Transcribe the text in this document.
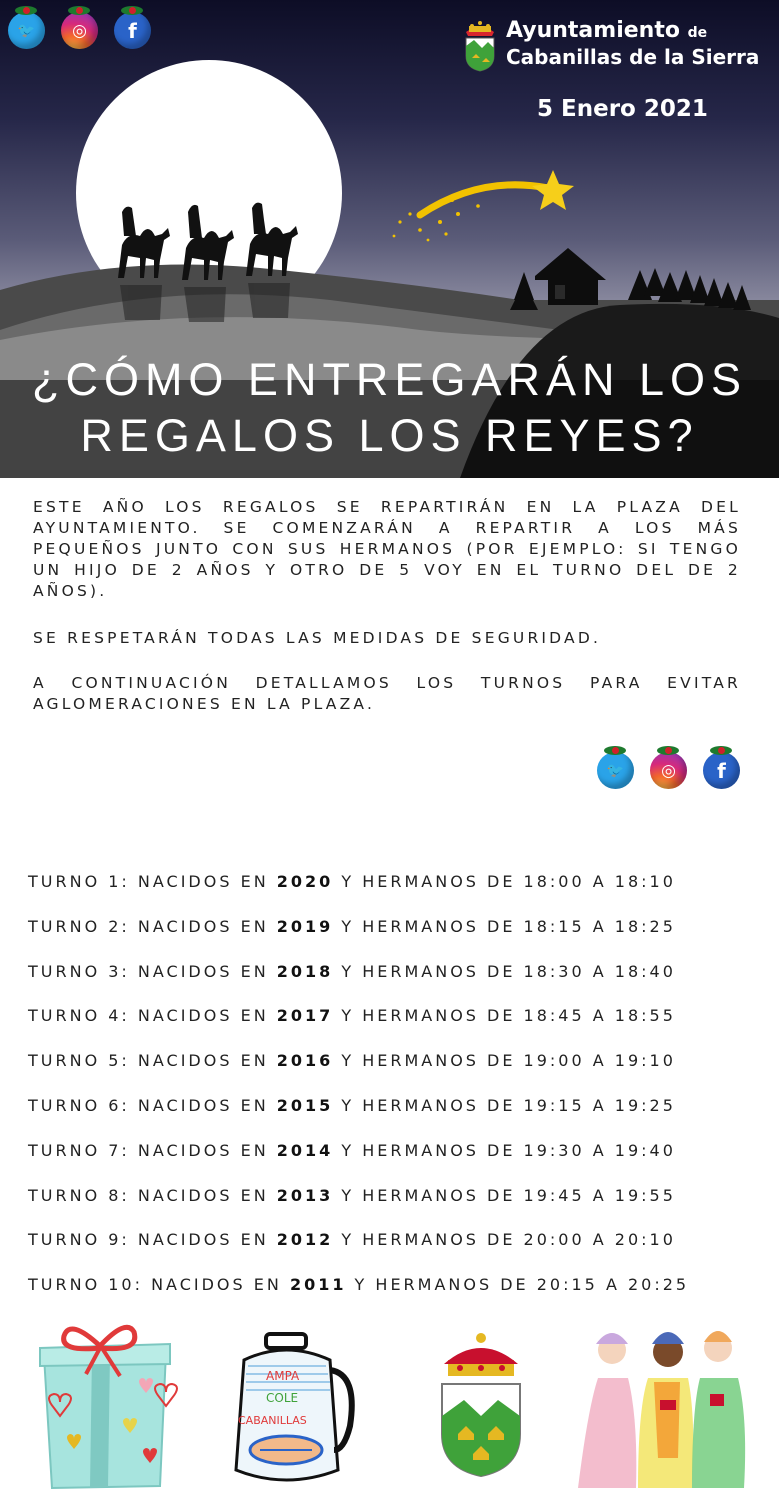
🐦 ◎ f	Ayuntamiento de
Cabanillas de la Sierra
5 Enero 2021
¿CÓMO ENTREGARÁN LOS
REGALOS LOS REYES?

ESTE AÑO LOS REGALOS SE REPARTIRÁN EN LA PLAZA DEL AYUNTAMIENTO. SE COMENZARÁN A REPARTIR A LOS MÁS PEQUEÑOS JUNTO CON SUS HERMANOS (POR EJEMPLO: SI TENGO UN HIJO DE 2 AÑOS Y OTRO DE 5 VOY EN EL TURNO DEL DE 2 AÑOS).

SE RESPETARÁN TODAS LAS MEDIDAS DE SEGURIDAD.

A CONTINUACIÓN DETALLAMOS LOS TURNOS PARA EVITAR AGLOMERACIONES EN LA PLAZA.

🐦 ◎ f
TURNO 1: NACIDOS EN 2020 Y HERMANOS DE 18:00 A 18:10
TURNO 2: NACIDOS EN 2019 Y HERMANOS DE 18:15 A 18:25
TURNO 3: NACIDOS EN 2018 Y HERMANOS DE 18:30 A 18:40
TURNO 4: NACIDOS EN 2017 Y HERMANOS DE 18:45 A 18:55
TURNO 5: NACIDOS EN 2016 Y HERMANOS DE 19:00 A 19:10
TURNO 6: NACIDOS EN 2015 Y HERMANOS DE 19:15 A 19:25
TURNO 7: NACIDOS EN 2014 Y HERMANOS DE 19:30 A 19:40
TURNO 8: NACIDOS EN 2013 Y HERMANOS DE 19:45 A 19:55
TURNO 9: NACIDOS EN 2012 Y HERMANOS DE 20:00 A 20:10
TURNO 10: NACIDOS EN 2011 Y HERMANOS DE 20:15 A 20:25
AMPA
COLE
CABANILLAS
